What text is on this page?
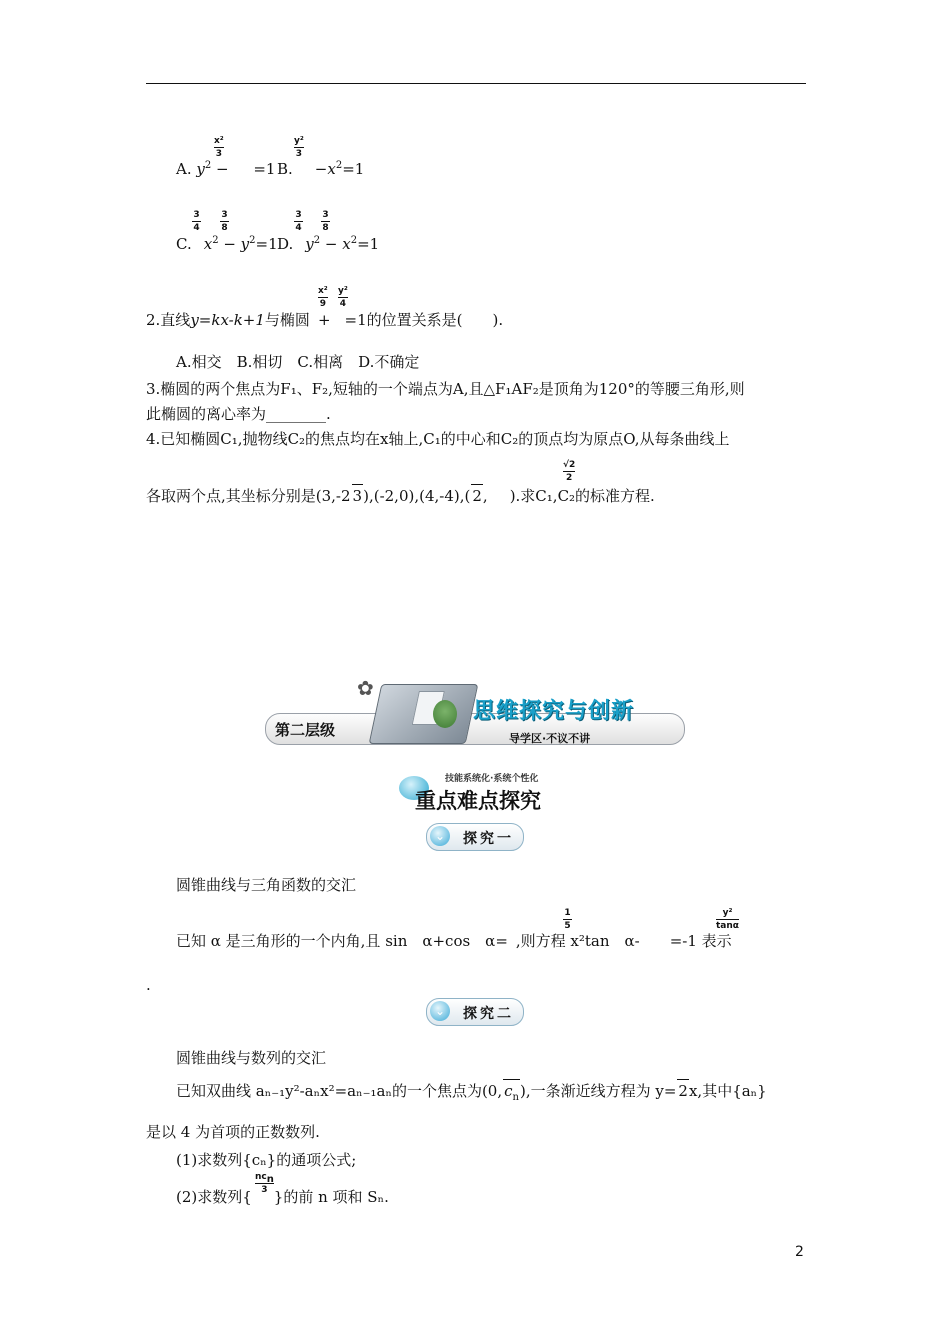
A. $y^2 - =1$
x²
3
B. $-x^2=1$
y²
3
3
4
3
8
C. $x^2 - y^2=1$
3
4
3
8
D. $y^2 - x^2=1$
x²
9
y²
4
2.直线y=kx-k+1与椭圆 + =1的位置关系是(　　).
A.相交　B.相切　C.相离　D.不确定
3.椭圆的两个焦点为F₁、F₂,短轴的一个端点为A,且△F₁AF₂是顶角为120°的等腰三角形,则
此椭圆的离心率为________.
4.已知椭圆C₁,抛物线C₂的焦点均在x轴上,C₁的中心和C₂的顶点均为原点O,从每条曲线上
√2
2
各取两个点,其坐标分别是(3,-2 3),(-2,0),(4,-4),( 2, ).求C₁,C₂的标准方程.
第二层级
✿
思维探究与创新
导学区·不议不讲
技能系统化·系统个性化
重点难点探究
⌄	探究一
圆锥曲线与三角函数的交汇
1
5
y²
tanα
已知 α 是三角形的一个内角,且 sin　α+cos　α= ,则方程 x²tan　α- =-1 表示
.
⌄	探究二
圆锥曲线与数列的交汇
已知双曲线 aₙ₋₁y²-aₙx²=aₙ₋₁aₙ的一个焦点为(0, $c_n$),一条渐近线方程为 y= 2x,其中{aₙ}
是以 4 为首项的正数数列.
(1)求数列{cₙ}的通项公式;
$nc_n$
3
(2)求数列{ }的前 n 项和 Sₙ.
2
